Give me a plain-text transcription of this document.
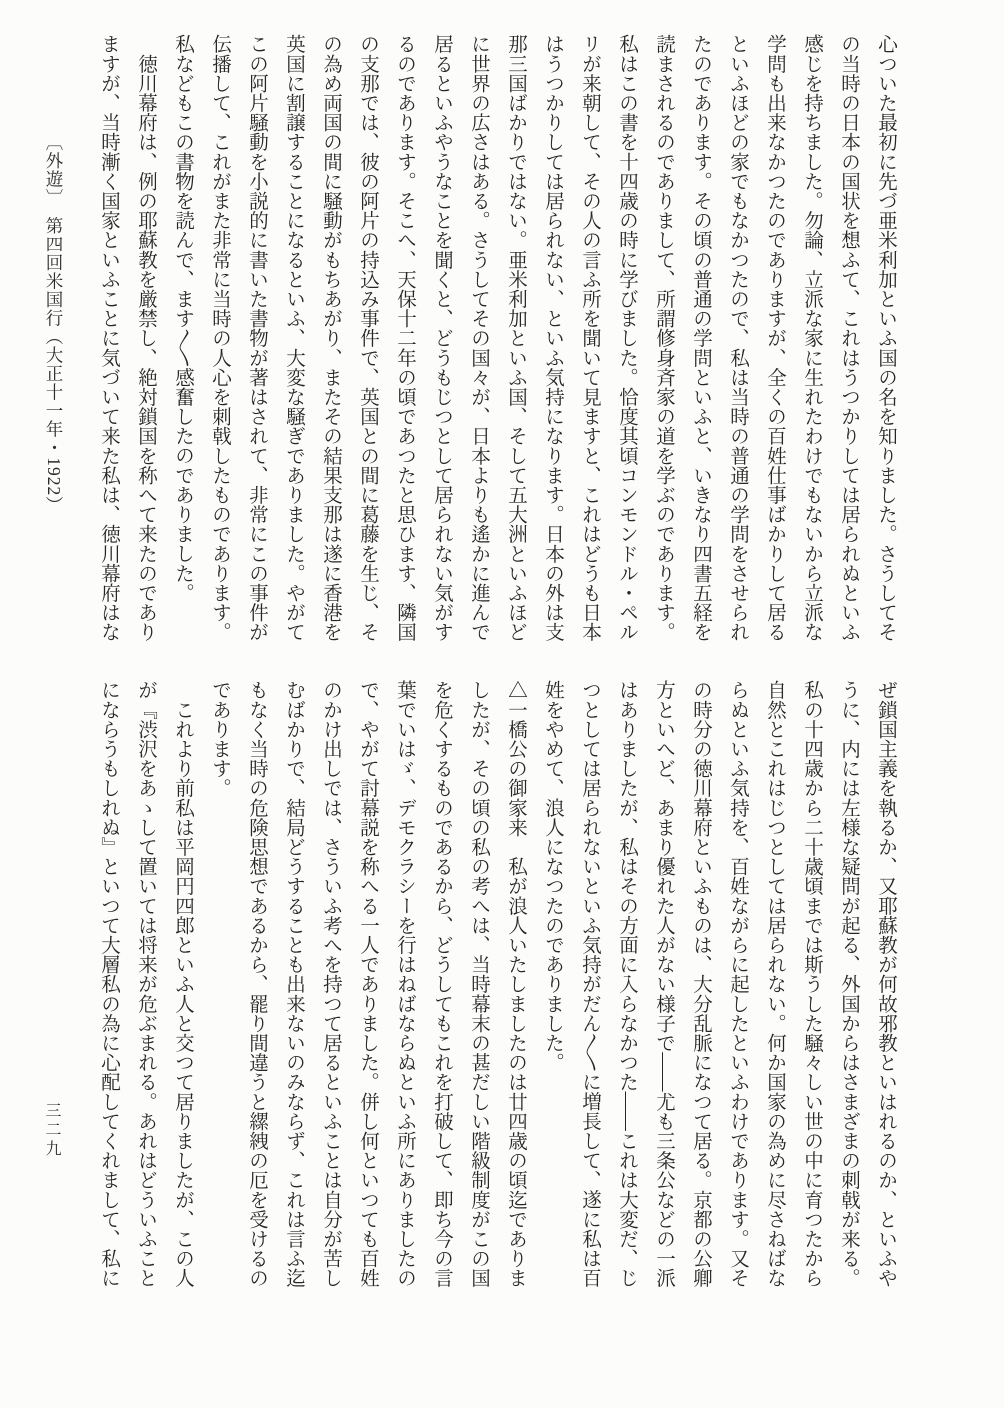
〔外遊〕　第四回米国行（大正十一年・1922）	心ついた最初に先づ亜米利加といふ国の名を知りました。さうしてそ
の当時の日本の国状を想ふて、これはうつかりしては居られぬといふ
感じを持ちました。勿論、立派な家に生れたわけでもないから立派な
学問も出来なかつたのでありますが、全くの百姓仕事ばかりして居る
といふほどの家でもなかつたので、私は当時の普通の学問をさせられ
たのであります。その頃の普通の学問といふと、いきなり四書五経を
読まされるのでありまして、所謂修身斉家の道を学ぶのであります。
私はこの書を十四歳の時に学びました。恰度其頃コンモンドル・ペル
リが来朝して、その人の言ふ所を聞いて見ますと、これはどうも日本
はうつかりしては居られない、といふ気持になります。日本の外は支
那三国ばかりではない。亜米利加といふ国、そして五大洲といふほど
に世界の広さはある。さうしてその国々が、日本よりも遙かに進んで
居るといふやうなことを聞くと、どうもじつとして居られない気がす
るのであります。そこへ、天保十二年の頃であつたと思ひます、隣国
の支那では、彼の阿片の持込み事件で、英国との間に葛藤を生じ、そ
の為め両国の間に騒動がもちあがり、またその結果支那は遂に香港を
英国に割譲することになるといふ、大変な騒ぎでありました。やがて
この阿片騒動を小説的に書いた書物が著はされて、非常にこの事件が
伝播して、これがまた非常に当時の人心を刺戟したものであります。
私などもこの書物を読んで、ます〱感奮したのでありました。
　徳川幕府は、例の耶蘇教を厳禁し、絶対鎖国を称へて来たのであり
ますが、当時漸く国家といふことに気づいて来た私は、徳川幕府はな
ぜ鎖国主義を執るか、又耶蘇教が何故邪教といはれるのか、といふや
うに、内には左様な疑問が起る、外国からはさまざまの刺戟が来る。
私の十四歳から二十歳頃までは斯うした騒々しい世の中に育つたから
自然とこれはじつとしては居られない。何か国家の為めに尽さねばな
らぬといふ気持を、百姓ながらに起したといふわけであります。又そ
の時分の徳川幕府といふものは、大分乱脈になつて居る。京都の公卿
方といへど、あまり優れた人がない様子で――尤も三条公などの一派
はありましたが、私はその方面に入らなかつた――これは大変だ、じ
つとしては居られないといふ気持がだん〱に増長して、遂に私は百
姓をやめて、浪人になつたのでありました。
△一橋公の御家来　私が浪人いたしましたのは廿四歳の頃迄でありま
したが、その頃の私の考へは、当時幕末の甚だしい階級制度がこの国
を危くするものであるから、どうしてもこれを打破して、即ち今の言
葉でいはゞ、デモクラシーを行はねばならぬといふ所にありましたの
で、やがて討幕説を称へる一人でありました。併し何といつても百姓
のかけ出しでは、さういふ考へを持つて居るといふことは自分が苦し
むばかりで、結局どうすることも出来ないのみならず、これは言ふ迄
もなく当時の危険思想であるから、罷り間違うと縲絏の厄を受けるの
であります。
　これより前私は平岡円四郎といふ人と交つて居りましたが、この人
が『渋沢をあゝして置いては将来が危ぶまれる。あれはどういふこと
にならうもしれぬ』といつて大層私の為に心配してくれまして、私に
三二九
